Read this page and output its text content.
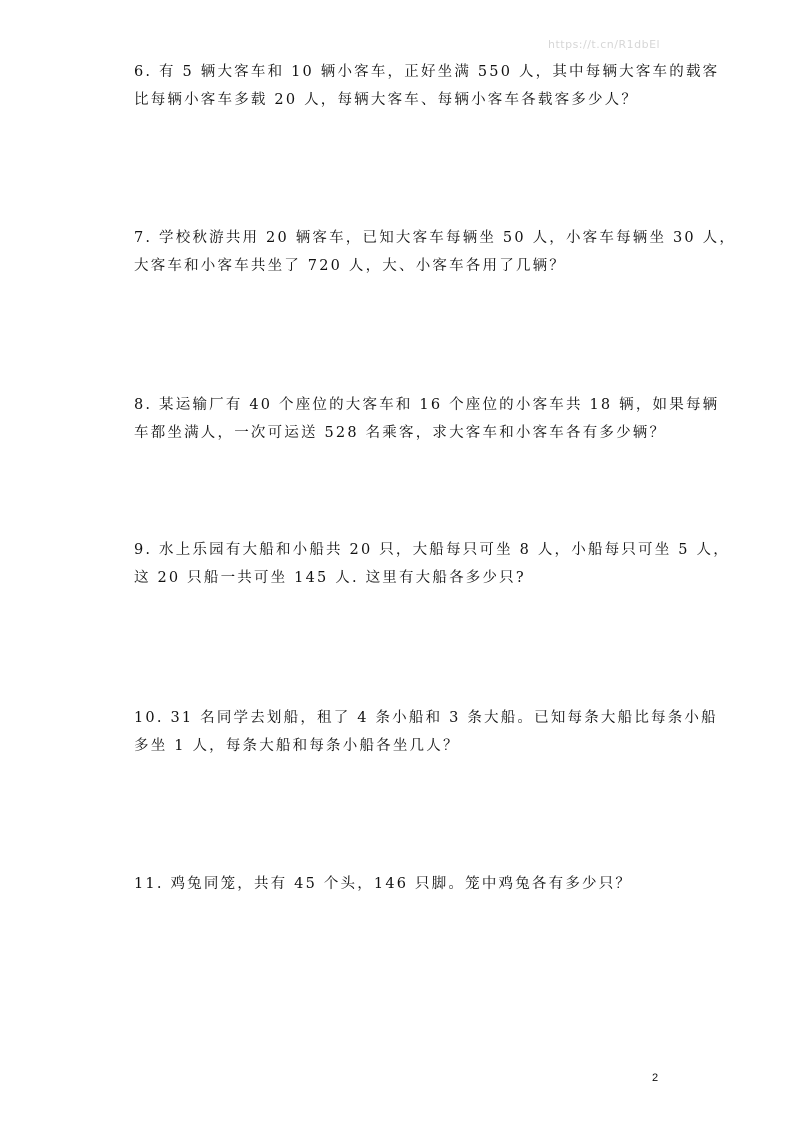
https://t.cn/R1dbEl
6. 有 5 辆大客车和 10 辆小客车，正好坐满 550 人，其中每辆大客车的载客
比每辆小客车多载 20 人，每辆大客车、每辆小客车各载客多少人？
7. 学校秋游共用 20 辆客车，已知大客车每辆坐 50 人，小客车每辆坐 30 人，
大客车和小客车共坐了 720 人，大、小客车各用了几辆？
8. 某运输厂有 40 个座位的大客车和 16 个座位的小客车共 18 辆，如果每辆
车都坐满人，一次可运送 528 名乘客，求大客车和小客车各有多少辆？
9. 水上乐园有大船和小船共 20 只，大船每只可坐 8 人，小船每只可坐 5 人，
这 20 只船一共可坐 145 人. 这里有大船各多少只?
10. 31 名同学去划船，租了 4 条小船和 3 条大船。已知每条大船比每条小船
多坐 1 人，每条大船和每条小船各坐几人？
11. 鸡兔同笼，共有 45 个头，146 只脚。笼中鸡兔各有多少只？
2
